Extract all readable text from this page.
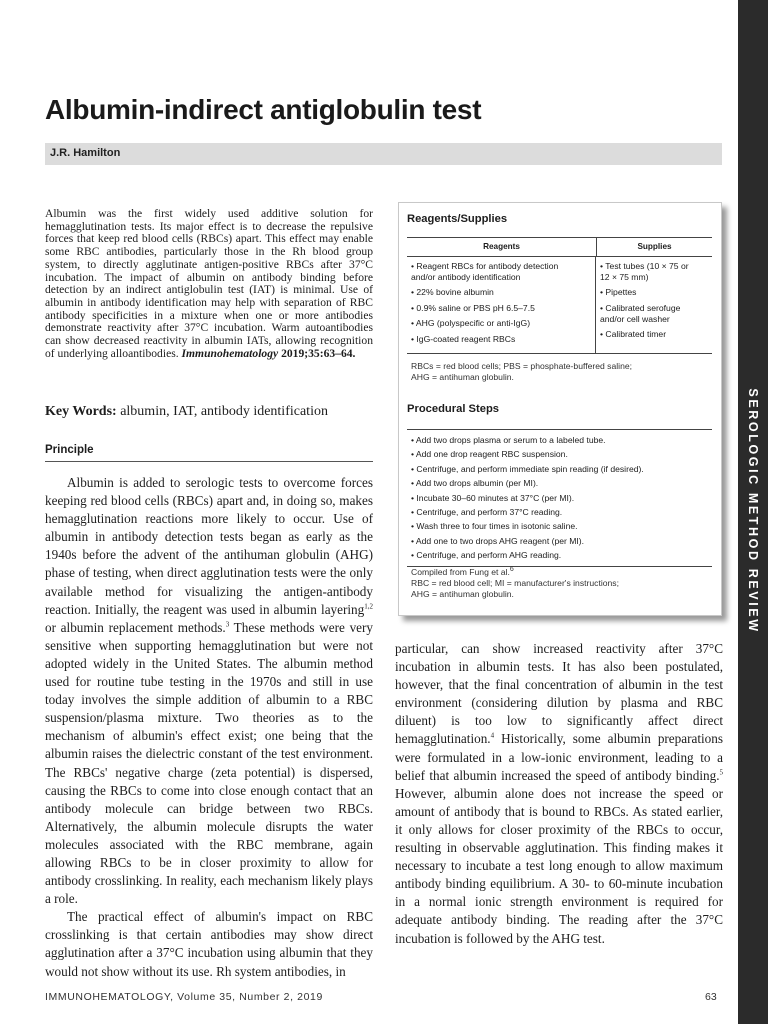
SEROLOGIC METHOD REVIEW
Albumin-indirect antiglobulin test
J.R. Hamilton

Albumin was the first widely used additive solution for hemagglutination tests. Its major effect is to decrease the repulsive forces that keep red blood cells (RBCs) apart. This effect may enable some RBC antibodies, particularly those in the Rh blood group system, to directly agglutinate antigen-positive RBCs after 37°C incubation. The impact of albumin on antibody binding before detection by an indirect antiglobulin test (IAT) is minimal. Use of albumin in antibody identification may help with separation of RBC antibody specificities in a mixture when one or more antibodies demonstrate reactivity after 37°C incubation. Warm autoantibodies can show decreased reactivity in albumin IATs, allowing recognition of underlying alloantibodies. Immunohematology 2019;35:63–64.

Key Words: albumin, IAT, antibody identification

Principle

Albumin is added to serologic tests to overcome forces keeping red blood cells (RBCs) apart and, in doing so, makes hemagglutination reactions more likely to occur. Use of albumin in antibody detection tests began as early as the 1940s before the advent of the antihuman globulin (AHG) phase of testing, when direct agglutination tests were the only available method for visualizing the antigen-antibody reaction. Initially, the reagent was used in albumin layering$^{1,2}$ or albumin replacement methods.$^3$ These methods were very sensitive when supporting hemagglutination but were not adopted widely in the United States. The albumin method used for routine tube testing in the 1970s and still in use today involves the simple addition of albumin to a RBC suspension/plasma mixture. Two theories as to the mechanism of albumin's effect exist; one being that the albumin raises the dielectric constant of the test environment. The RBCs' negative charge (zeta potential) is dispersed, causing the RBCs to come into close enough contact that an antibody molecule can bridge between two RBCs. Alternatively, the albumin molecule disrupts the water molecules associated with the RBC membrane, again allowing RBCs to be in closer proximity to allow for antibody crosslinking. In reality, each mechanism likely plays a role.

The practical effect of albumin's impact on RBC crosslinking is that certain antibodies may show direct agglutination after a 37°C incubation using albumin that they would not show without its use. Rh system antibodies, in

Reagents/Supplies
Reagents	Supplies
• Reagent RBCs for antibody detection
and/or antibody identification
• 22% bovine albumin
• 0.9% saline or PBS pH 6.5–7.5
• AHG (polyspecific or anti-IgG)
• IgG-coated reagent RBCs
• Test tubes (10 × 75 or
12 × 75 mm)
• Pipettes
• Calibrated serofuge
and/or cell washer
• Calibrated timer
RBCs = red blood cells; PBS = phosphate-buffered saline;
AHG = antihuman globulin.
Procedural Steps
• Add two drops plasma or serum to a labeled tube.
• Add one drop reagent RBC suspension.
• Centrifuge, and perform immediate spin reading (if desired).
• Add two drops albumin (per MI).
• Incubate 30–60 minutes at 37°C (per MI).
• Centrifuge, and perform 37°C reading.
• Wash three to four times in isotonic saline.
• Add one to two drops AHG reagent (per MI).
• Centrifuge, and perform AHG reading.
Compiled from Fung et al.$^6$
RBC = red blood cell; MI = manufacturer's instructions;
AHG = antihuman globulin.

particular, can show increased reactivity after 37°C incubation in albumin tests. It has also been postulated, however, that the final concentration of albumin in the test environment (considering dilution by plasma and RBC diluent) is too low to significantly affect direct hemagglutination.$^4$ Historically, some albumin preparations were formulated in a low-ionic environment, leading to a belief that albumin increased the speed of antibody binding.$^5$ However, albumin alone does not increase the speed or amount of antibody that is bound to RBCs. As stated earlier, it only allows for closer proximity of the RBCs to occur, resulting in observable agglutination. This finding makes it necessary to incubate a test long enough to allow maximum antibody binding equilibrium. A 30- to 60-minute incubation in a normal ionic strength environment is required for adequate antibody binding. The reading after the 37°C incubation is followed by the AHG test.

IMMUNOHEMATOLOGY, Volume 35, Number 2, 2019	63
